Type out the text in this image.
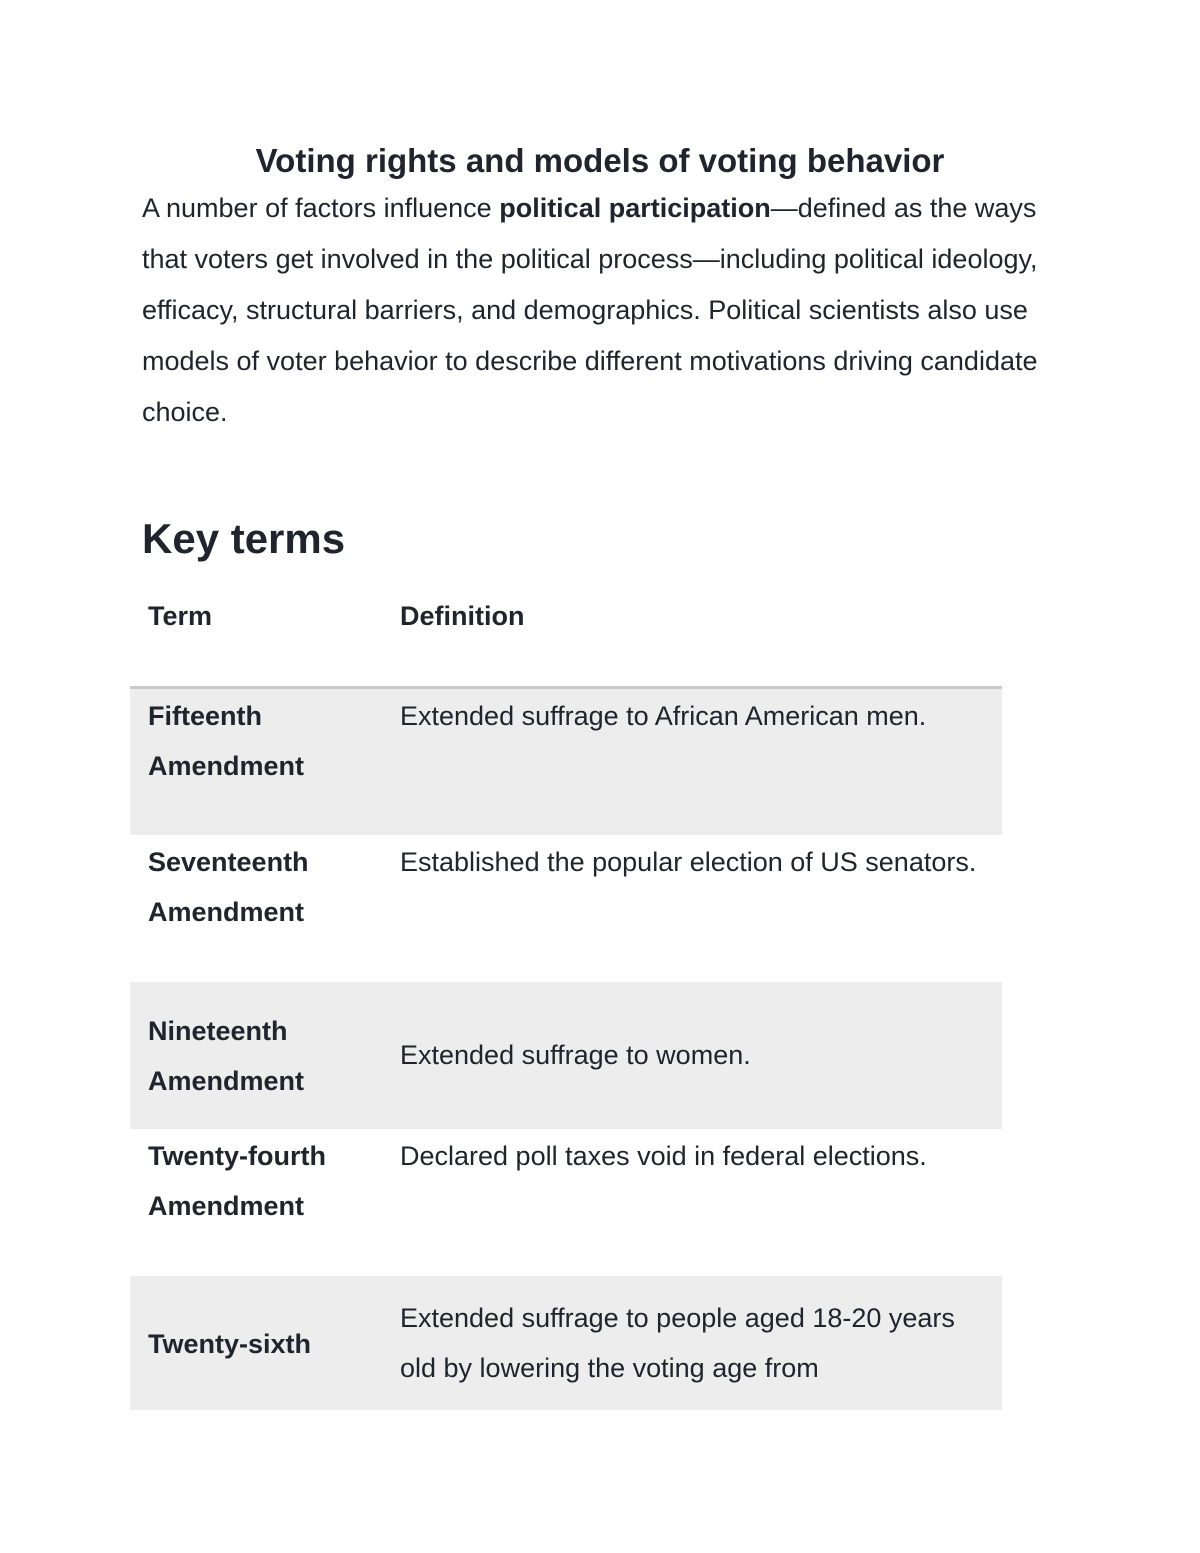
Voting rights and models of voting behavior

A number of factors influence political participation—defined as the ways that voters get involved in the political process—including political ideology, efficacy, structural barriers, and demographics. Political scientists also use models of voter behavior to describe different motivations driving candidate choice.

Key terms
Term	Definition
Fifteenth Amendment	Extended suffrage to African American men.
Seventeenth Amendment	Established the popular election of US senators.
Nineteenth Amendment	Extended suffrage to women.
Twenty-fourth Amendment	Declared poll taxes void in federal elections.
Twenty-sixth	Extended suffrage to people aged 18-20 years old by lowering the voting age from
